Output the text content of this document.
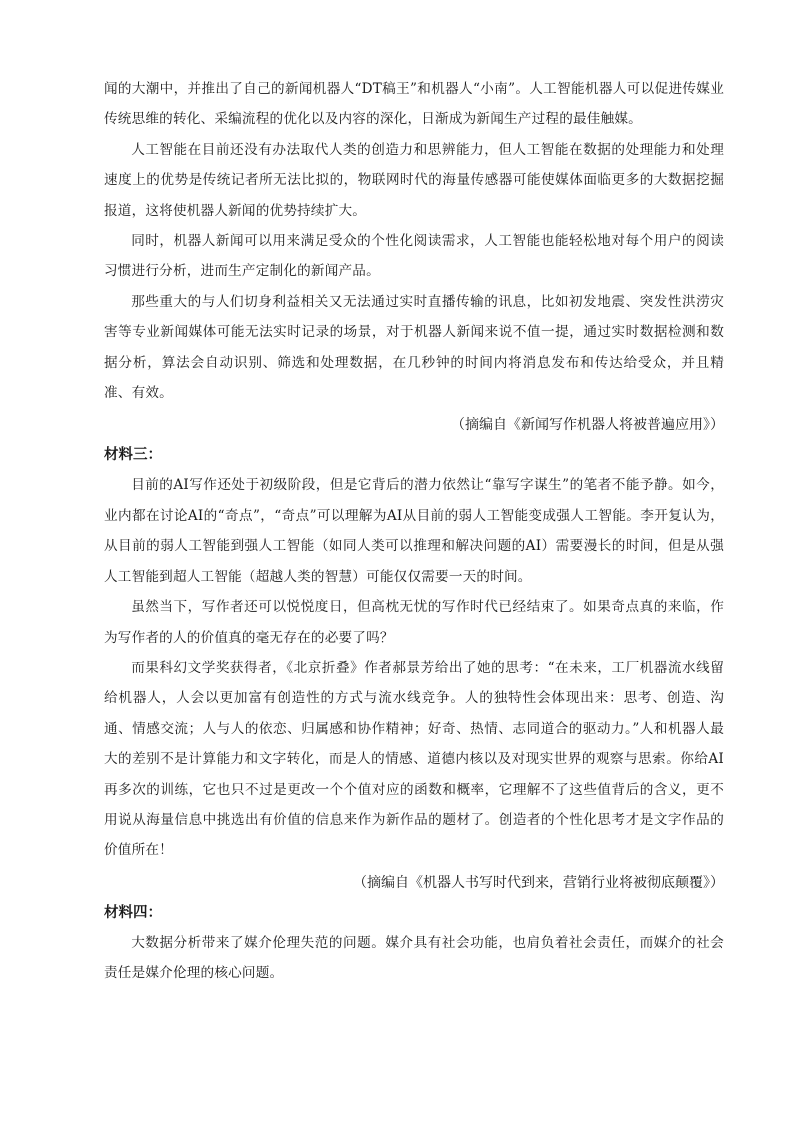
闻的大潮中，并推出了自己的新闻机器人“DT稿王”和机器人“小南”。人工智能机器人可以促进传媒业传统思维的转化、采编流程的优化以及内容的深化，日渐成为新闻生产过程的最佳触媒。

人工智能在目前还没有办法取代人类的创造力和思辨能力，但人工智能在数据的处理能力和处理速度上的优势是传统记者所无法比拟的，物联网时代的海量传感器可能使媒体面临更多的大数据挖掘报道，这将使机器人新闻的优势持续扩大。

同时，机器人新闻可以用来满足受众的个性化阅读需求，人工智能也能轻松地对每个用户的阅读习惯进行分析，进而生产定制化的新闻产品。

那些重大的与人们切身利益相关又无法通过实时直播传输的讯息，比如初发地震、突发性洪涝灾害等专业新闻媒体可能无法实时记录的场景，对于机器人新闻来说不值一提，通过实时数据检测和数据分析，算法会自动识别、筛选和处理数据，在几秒钟的时间内将消息发布和传达给受众，并且精准、有效。

（摘编自《新闻写作机器人将被普遍应用》）

材料三：

目前的AI写作还处于初级阶段，但是它背后的潜力依然让“靠写字谋生”的笔者不能予静。如今，业内都在讨论AI的“奇点”，“奇点”可以理解为AI从目前的弱人工智能变成强人工智能。李开复认为，从目前的弱人工智能到强人工智能（如同人类可以推理和解决问题的AI）需要漫长的时间，但是从强人工智能到超人工智能（超越人类的智慧）可能仅仅需要一天的时间。

虽然当下，写作者还可以悦悦度日，但高枕无忧的写作时代已经结束了。如果奇点真的来临，作为写作者的人的价值真的毫无存在的必要了吗？

而果科幻文学奖获得者，《北京折叠》作者郝景芳给出了她的思考：“在未来，工厂机器流水线留给机器人，人会以更加富有创造性的方式与流水线竞争。人的独特性会体现出来：思考、创造、沟通、情感交流；人与人的依恋、归属感和协作精神；好奇、热情、志同道合的驱动力。”人和机器人最大的差别不是计算能力和文字转化，而是人的情感、道德内核以及对现实世界的观察与思索。你给AI再多次的训练，它也只不过是更改一个个值对应的函数和概率，它理解不了这些值背后的含义，更不用说从海量信息中挑选出有价值的信息来作为新作品的题材了。创造者的个性化思考才是文字作品的价值所在！

（摘编自《机器人书写时代到来，营销行业将被彻底颠覆》）

材料四：

大数据分析带来了媒介伦理失范的问题。媒介具有社会功能，也肩负着社会责任，而媒介的社会责任是媒介伦理的核心问题。
